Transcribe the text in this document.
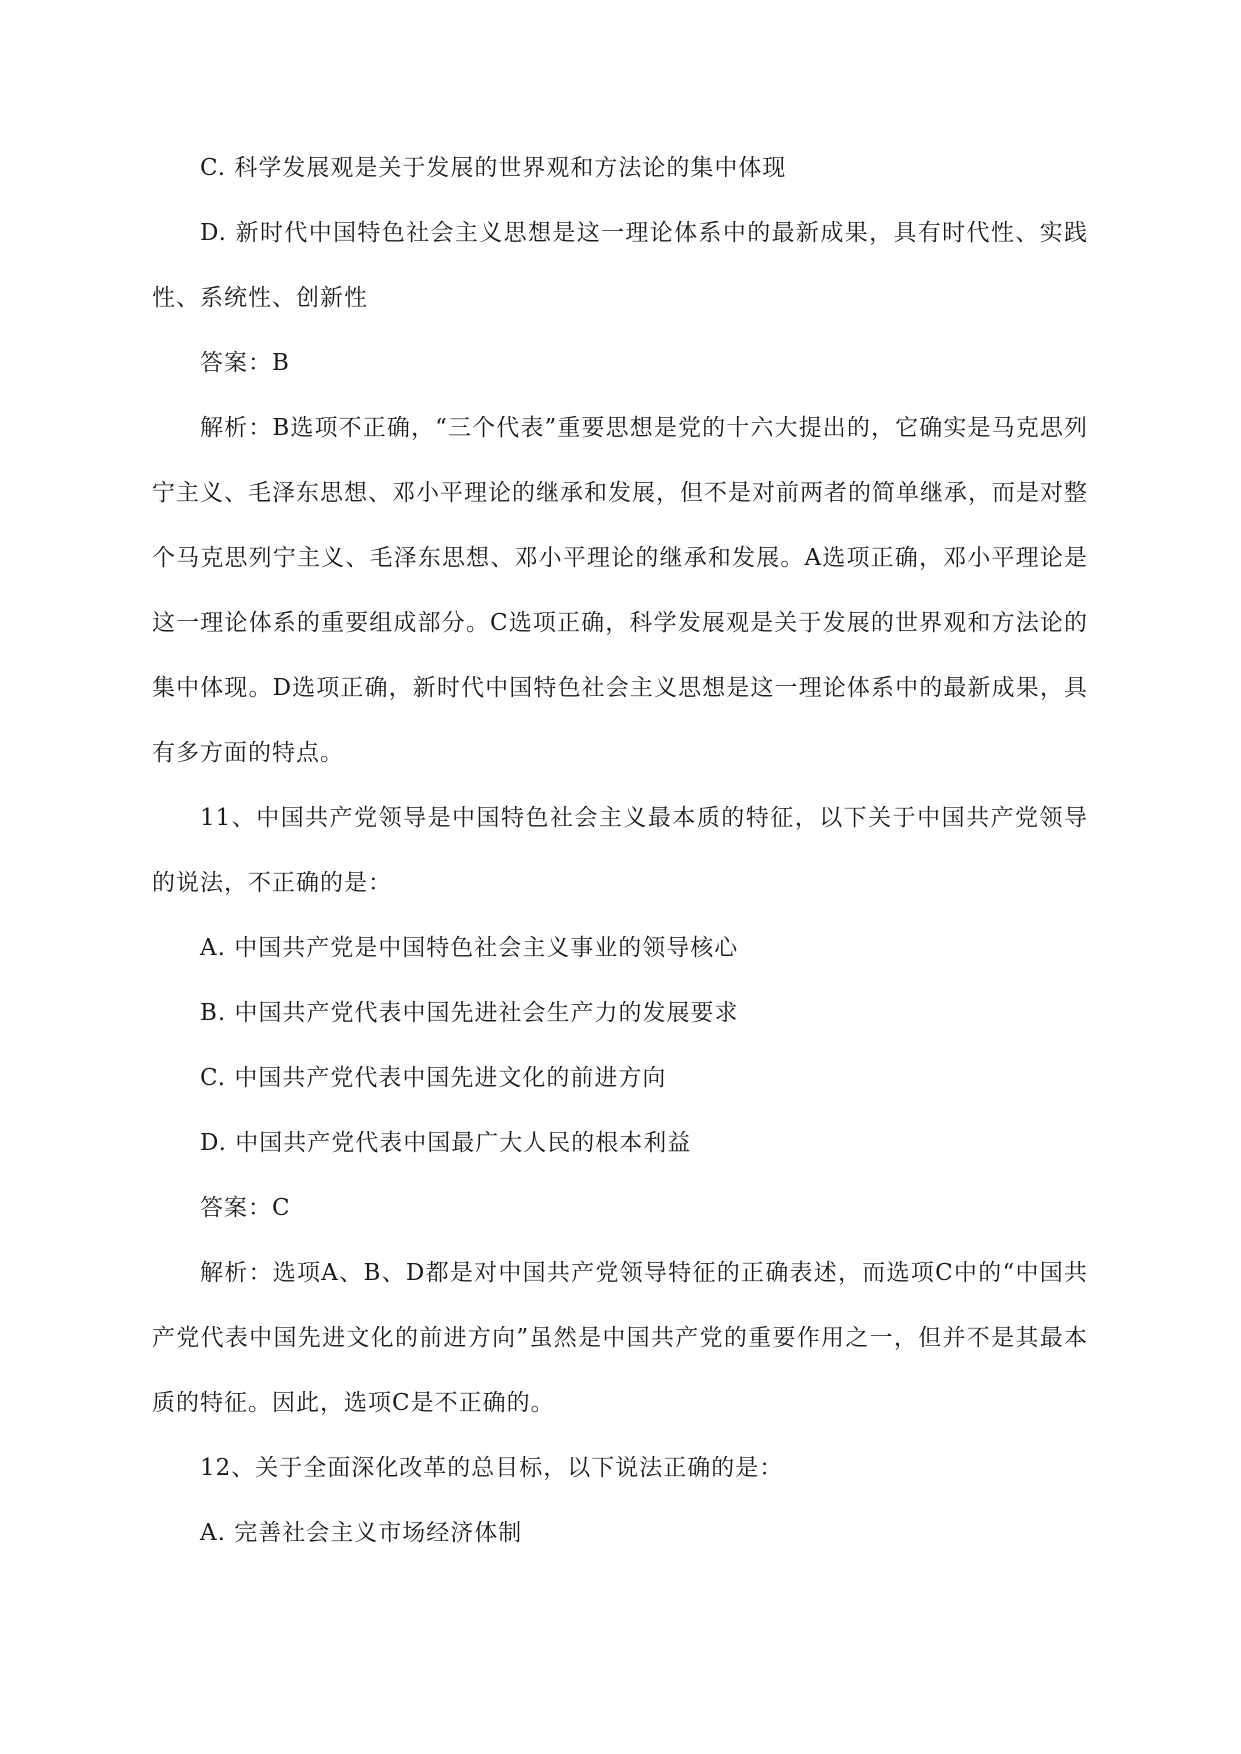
C. 科学发展观是关于发展的世界观和方法论的集中体现

D. 新时代中国特色社会主义思想是这一理论体系中的最新成果，具有时代性、实践性、系统性、创新性

答案：B

解析：B选项不正确，“三个代表”重要思想是党的十六大提出的，它确实是马克思列宁主义、毛泽东思想、邓小平理论的继承和发展，但不是对前两者的简单继承，而是对整个马克思列宁主义、毛泽东思想、邓小平理论的继承和发展。A选项正确，邓小平理论是这一理论体系的重要组成部分。C选项正确，科学发展观是关于发展的世界观和方法论的集中体现。D选项正确，新时代中国特色社会主义思想是这一理论体系中的最新成果，具有多方面的特点。

11、中国共产党领导是中国特色社会主义最本质的特征，以下关于中国共产党领导的说法，不正确的是：

A. 中国共产党是中国特色社会主义事业的领导核心

B. 中国共产党代表中国先进社会生产力的发展要求

C. 中国共产党代表中国先进文化的前进方向

D. 中国共产党代表中国最广大人民的根本利益

答案：C

解析：选项A、B、D都是对中国共产党领导特征的正确表述，而选项C中的“中国共产党代表中国先进文化的前进方向”虽然是中国共产党的重要作用之一，但并不是其最本质的特征。因此，选项C是不正确的。

12、关于全面深化改革的总目标，以下说法正确的是：

A. 完善社会主义市场经济体制
